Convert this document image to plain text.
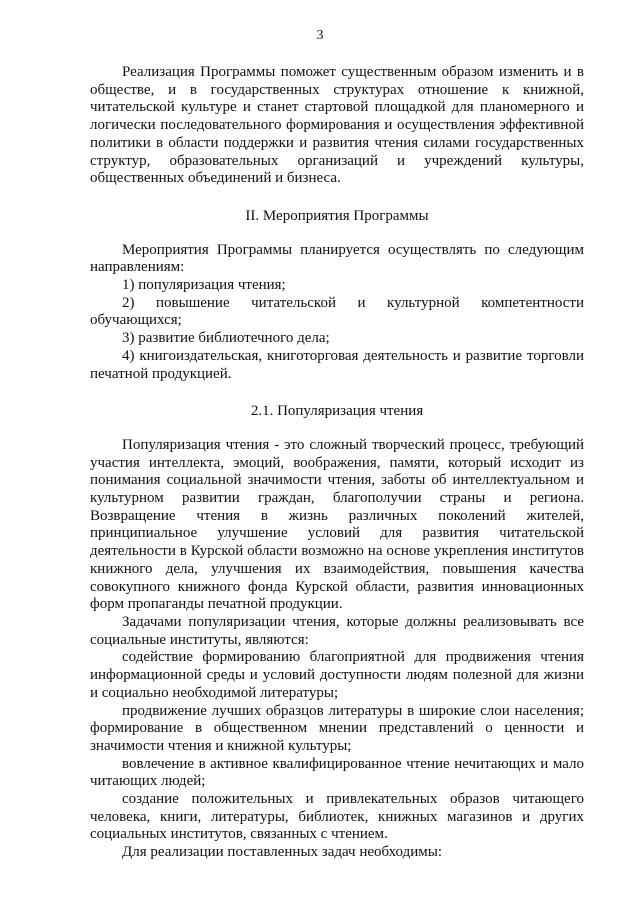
3

Реализация Программы поможет существенным образом изменить и в обществе, и в государственных структурах отношение к книжной, читательской культуре и станет стартовой площадкой для планомерного и логически последовательного формирования и осуществления эффективной политики в области поддержки и развития чтения силами государственных структур, образовательных организаций и учреждений культуры, общественных объединений и бизнеса.

II. Мероприятия Программы

Мероприятия Программы планируется осуществлять по следующим направлениям:

1) популяризация чтения;

2) повышение читательской и культурной компетентности обучающихся;

3) развитие библиотечного дела;

4) книгоиздательская, книготорговая деятельность и развитие торговли печатной продукцией.

2.1. Популяризация чтения

Популяризация чтения - это сложный творческий процесс, требующий участия интеллекта, эмоций, воображения, памяти, который исходит из понимания социальной значимости чтения, заботы об интеллектуальном и культурном развитии граждан, благополучии страны и региона. Возвращение чтения в жизнь различных поколений жителей, принципиальное улучшение условий для развития читательской деятельности в Курской области возможно на основе укрепления институтов книжного дела, улучшения их взаимодействия, повышения качества совокупного книжного фонда Курской области, развития инновационных форм пропаганды печатной продукции.

Задачами популяризации чтения, которые должны реализовывать все социальные институты, являются:

содействие формированию благоприятной для продвижения чтения информационной среды и условий доступности людям полезной для жизни и социально необходимой литературы;

продвижение лучших образцов литературы в широкие слои населения; формирование в общественном мнении представлений о ценности и значимости чтения и книжной культуры;

вовлечение в активное квалифицированное чтение нечитающих и мало читающих людей;

создание положительных и привлекательных образов читающего человека, книги, литературы, библиотек, книжных магазинов и других социальных институтов, связанных с чтением.

Для реализации поставленных задач необходимы:
